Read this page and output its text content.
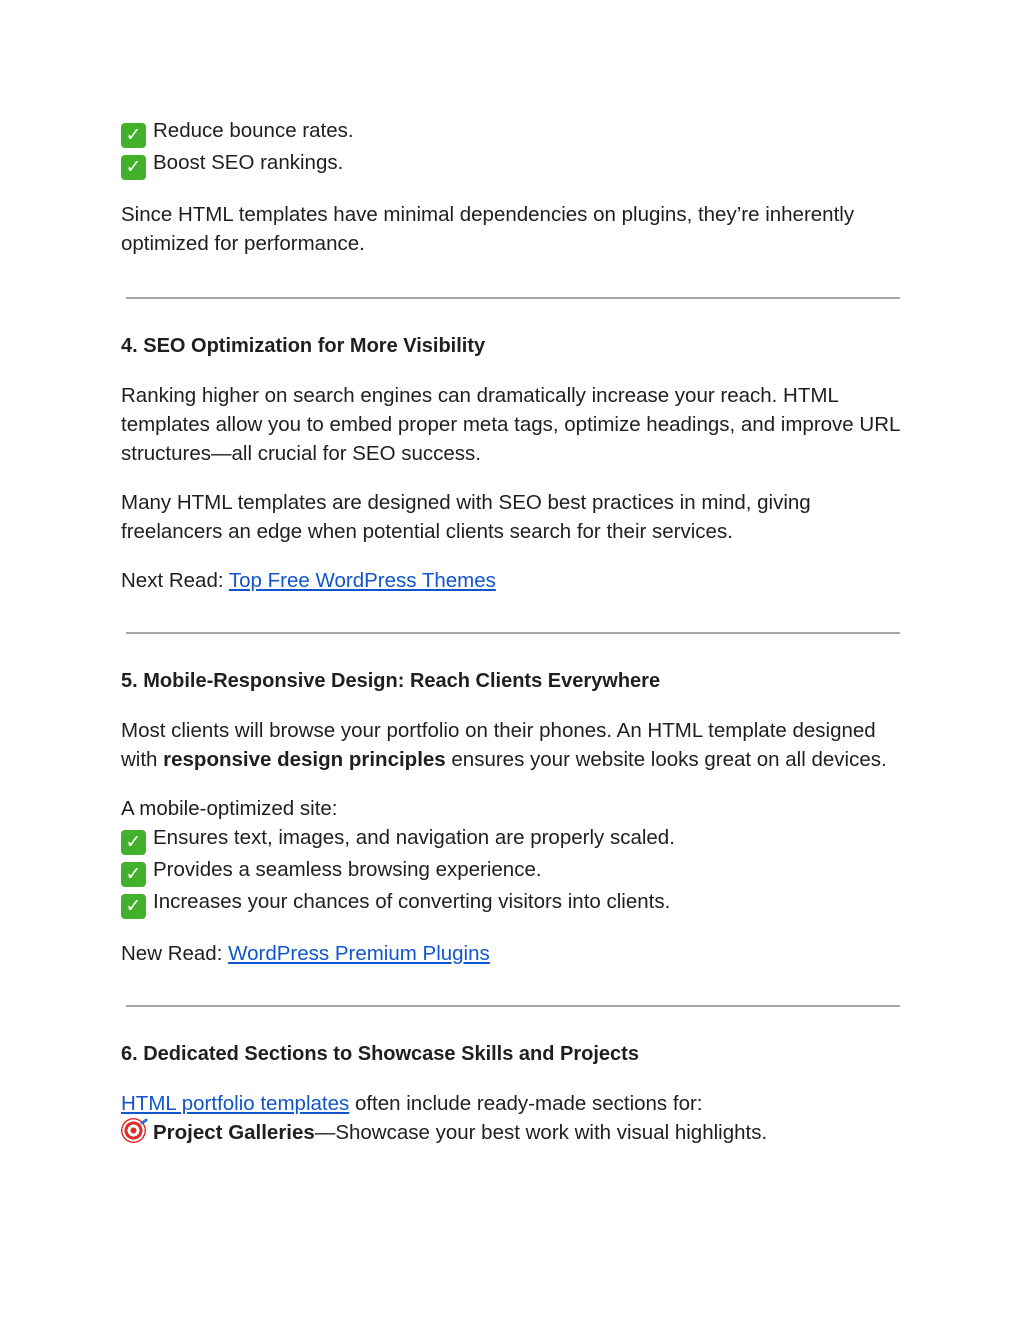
✓ Reduce bounce rates.
✓ Boost SEO rankings.

Since HTML templates have minimal dependencies on plugins, they’re inherently optimized for performance.

4. SEO Optimization for More Visibility

Ranking higher on search engines can dramatically increase your reach. HTML templates allow you to embed proper meta tags, optimize headings, and improve URL structures—all crucial for SEO success.

Many HTML templates are designed with SEO best practices in mind, giving freelancers an edge when potential clients search for their services.

Next Read: Top Free WordPress Themes

5. Mobile-Responsive Design: Reach Clients Everywhere

Most clients will browse your portfolio on their phones. An HTML template designed with responsive design principles ensures your website looks great on all devices.

A mobile-optimized site:
✓ Ensures text, images, and navigation are properly scaled.
✓ Provides a seamless browsing experience.
✓ Increases your chances of converting visitors into clients.

New Read: WordPress Premium Plugins

6. Dedicated Sections to Showcase Skills and Projects

HTML portfolio templates often include ready-made sections for:
Project Galleries—Showcase your best work with visual highlights.
